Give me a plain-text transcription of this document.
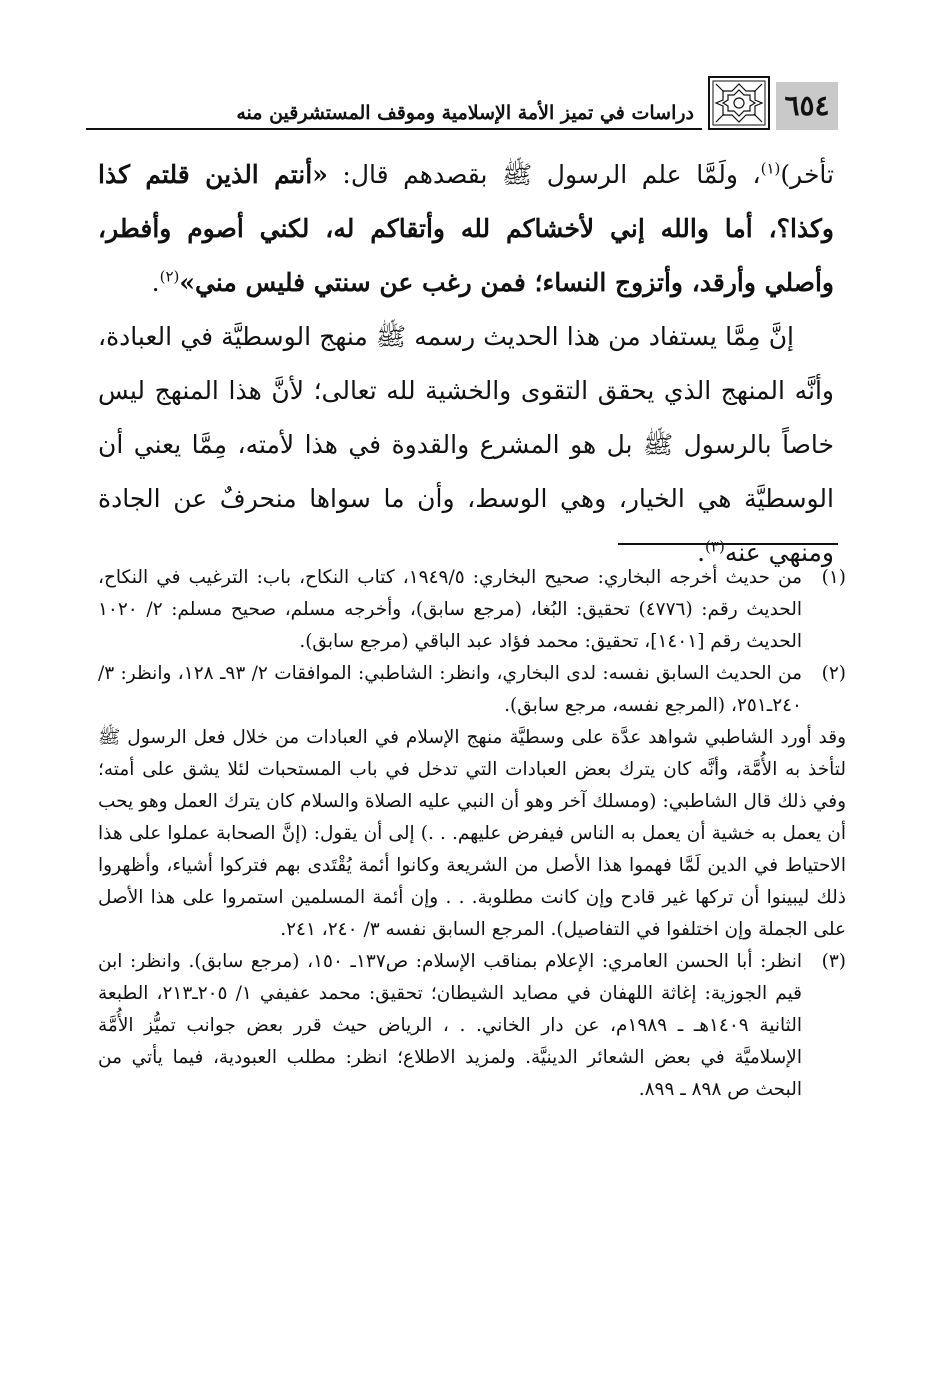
٦٥٤
دراسات في تميز الأمة الإسلامية وموقف المستشرقين منه

تأخر)$^{(١)}$، ولَمَّا علم الرسول ﷺ بقصدهم قال: «أنتم الذين قلتم كذا وكذا؟، أما والله إني لأخشاكم لله وأتقاكم له، لكني أصوم وأفطر، وأصلي وأرقد، وأتزوج النساء؛ فمن رغب عن سنتي فليس مني»$^{(٢)}$.

إنَّ مِمَّا يستفاد من هذا الحديث رسمه ﷺ منهج الوسطيَّة في العبادة، وأنَّه المنهج الذي يحقق التقوى والخشية لله تعالى؛ لأنَّ هذا المنهج ليس خاصاً بالرسول ﷺ بل هو المشرع والقدوة في هذا لأمته، مِمَّا يعني أن الوسطيَّة هي الخيار، وهي الوسط، وأن ما سواها منحرفٌ عن الجادة ومنهي عنه$^{(٣)}$.

(١)

من حديث أخرجه البخاري: صحيح البخاري: ١٩٤٩/٥، كتاب النكاح، باب: الترغيب في النكاح، الحديث رقم: (٤٧٧٦) تحقيق: البُغا، (مرجع سابق)، وأخرجه مسلم، صحيح مسلم: ٢/ ١٠٢٠ الحديث رقم [١٤٠١]، تحقيق: محمد فؤاد عبد الباقي (مرجع سابق).

(٢)

من الحديث السابق نفسه: لدى البخاري، وانظر: الشاطبي: الموافقات ٢/ ٩٣ـ ١٢٨، وانظر: ٣/ ٢٤٠ـ٢٥١، (المرجع نفسه، مرجع سابق).

وقد أورد الشاطبي شواهد عدَّة على وسطيَّة منهج الإسلام في العبادات من خلال فعل الرسول ﷺ لتأخذ به الأُمَّة، وأنَّه كان يترك بعض العبادات التي تدخل في باب المستحبات لئلا يشق على أمته؛ وفي ذلك قال الشاطبي: (ومسلك آخر وهو أن النبي عليه الصلاة والسلام كان يترك العمل وهو يحب أن يعمل به خشية أن يعمل به الناس فيفرض عليهم. . .) إلى أن يقول: (إنَّ الصحابة عملوا على هذا الاحتياط في الدين لَمَّا فهموا هذا الأصل من الشريعة وكانوا أئمة يُقْتَدى بهم فتركوا أشياء، وأظهروا ذلك ليبينوا أن تركها غير قادح وإن كانت مطلوبة. . . وإن أئمة المسلمين استمروا على هذا الأصل على الجملة وإن اختلفوا في التفاصيل). المرجع السابق نفسه ٣/ ٢٤٠، ٢٤١.

(٣)

انظر: أبا الحسن العامري: الإعلام بمناقب الإسلام: ص١٣٧ـ ١٥٠، (مرجع سابق). وانظر: ابن قيم الجوزية: إغاثة اللهفان في مصايد الشيطان؛ تحقيق: محمد عفيفي ١/ ٢٠٥ـ٢١٣، الطبعة الثانية ١٤٠٩هـ ـ ١٩٨٩م، عن دار الخاني. . ، الرياض حيث قرر بعض جوانب تميُّز الأُمَّة الإسلاميَّة في بعض الشعائر الدينيَّة. ولمزيد الاطلاع؛ انظر: مطلب العبودية، فيما يأتي من البحث ص ٨٩٨ ـ ٨٩٩.
